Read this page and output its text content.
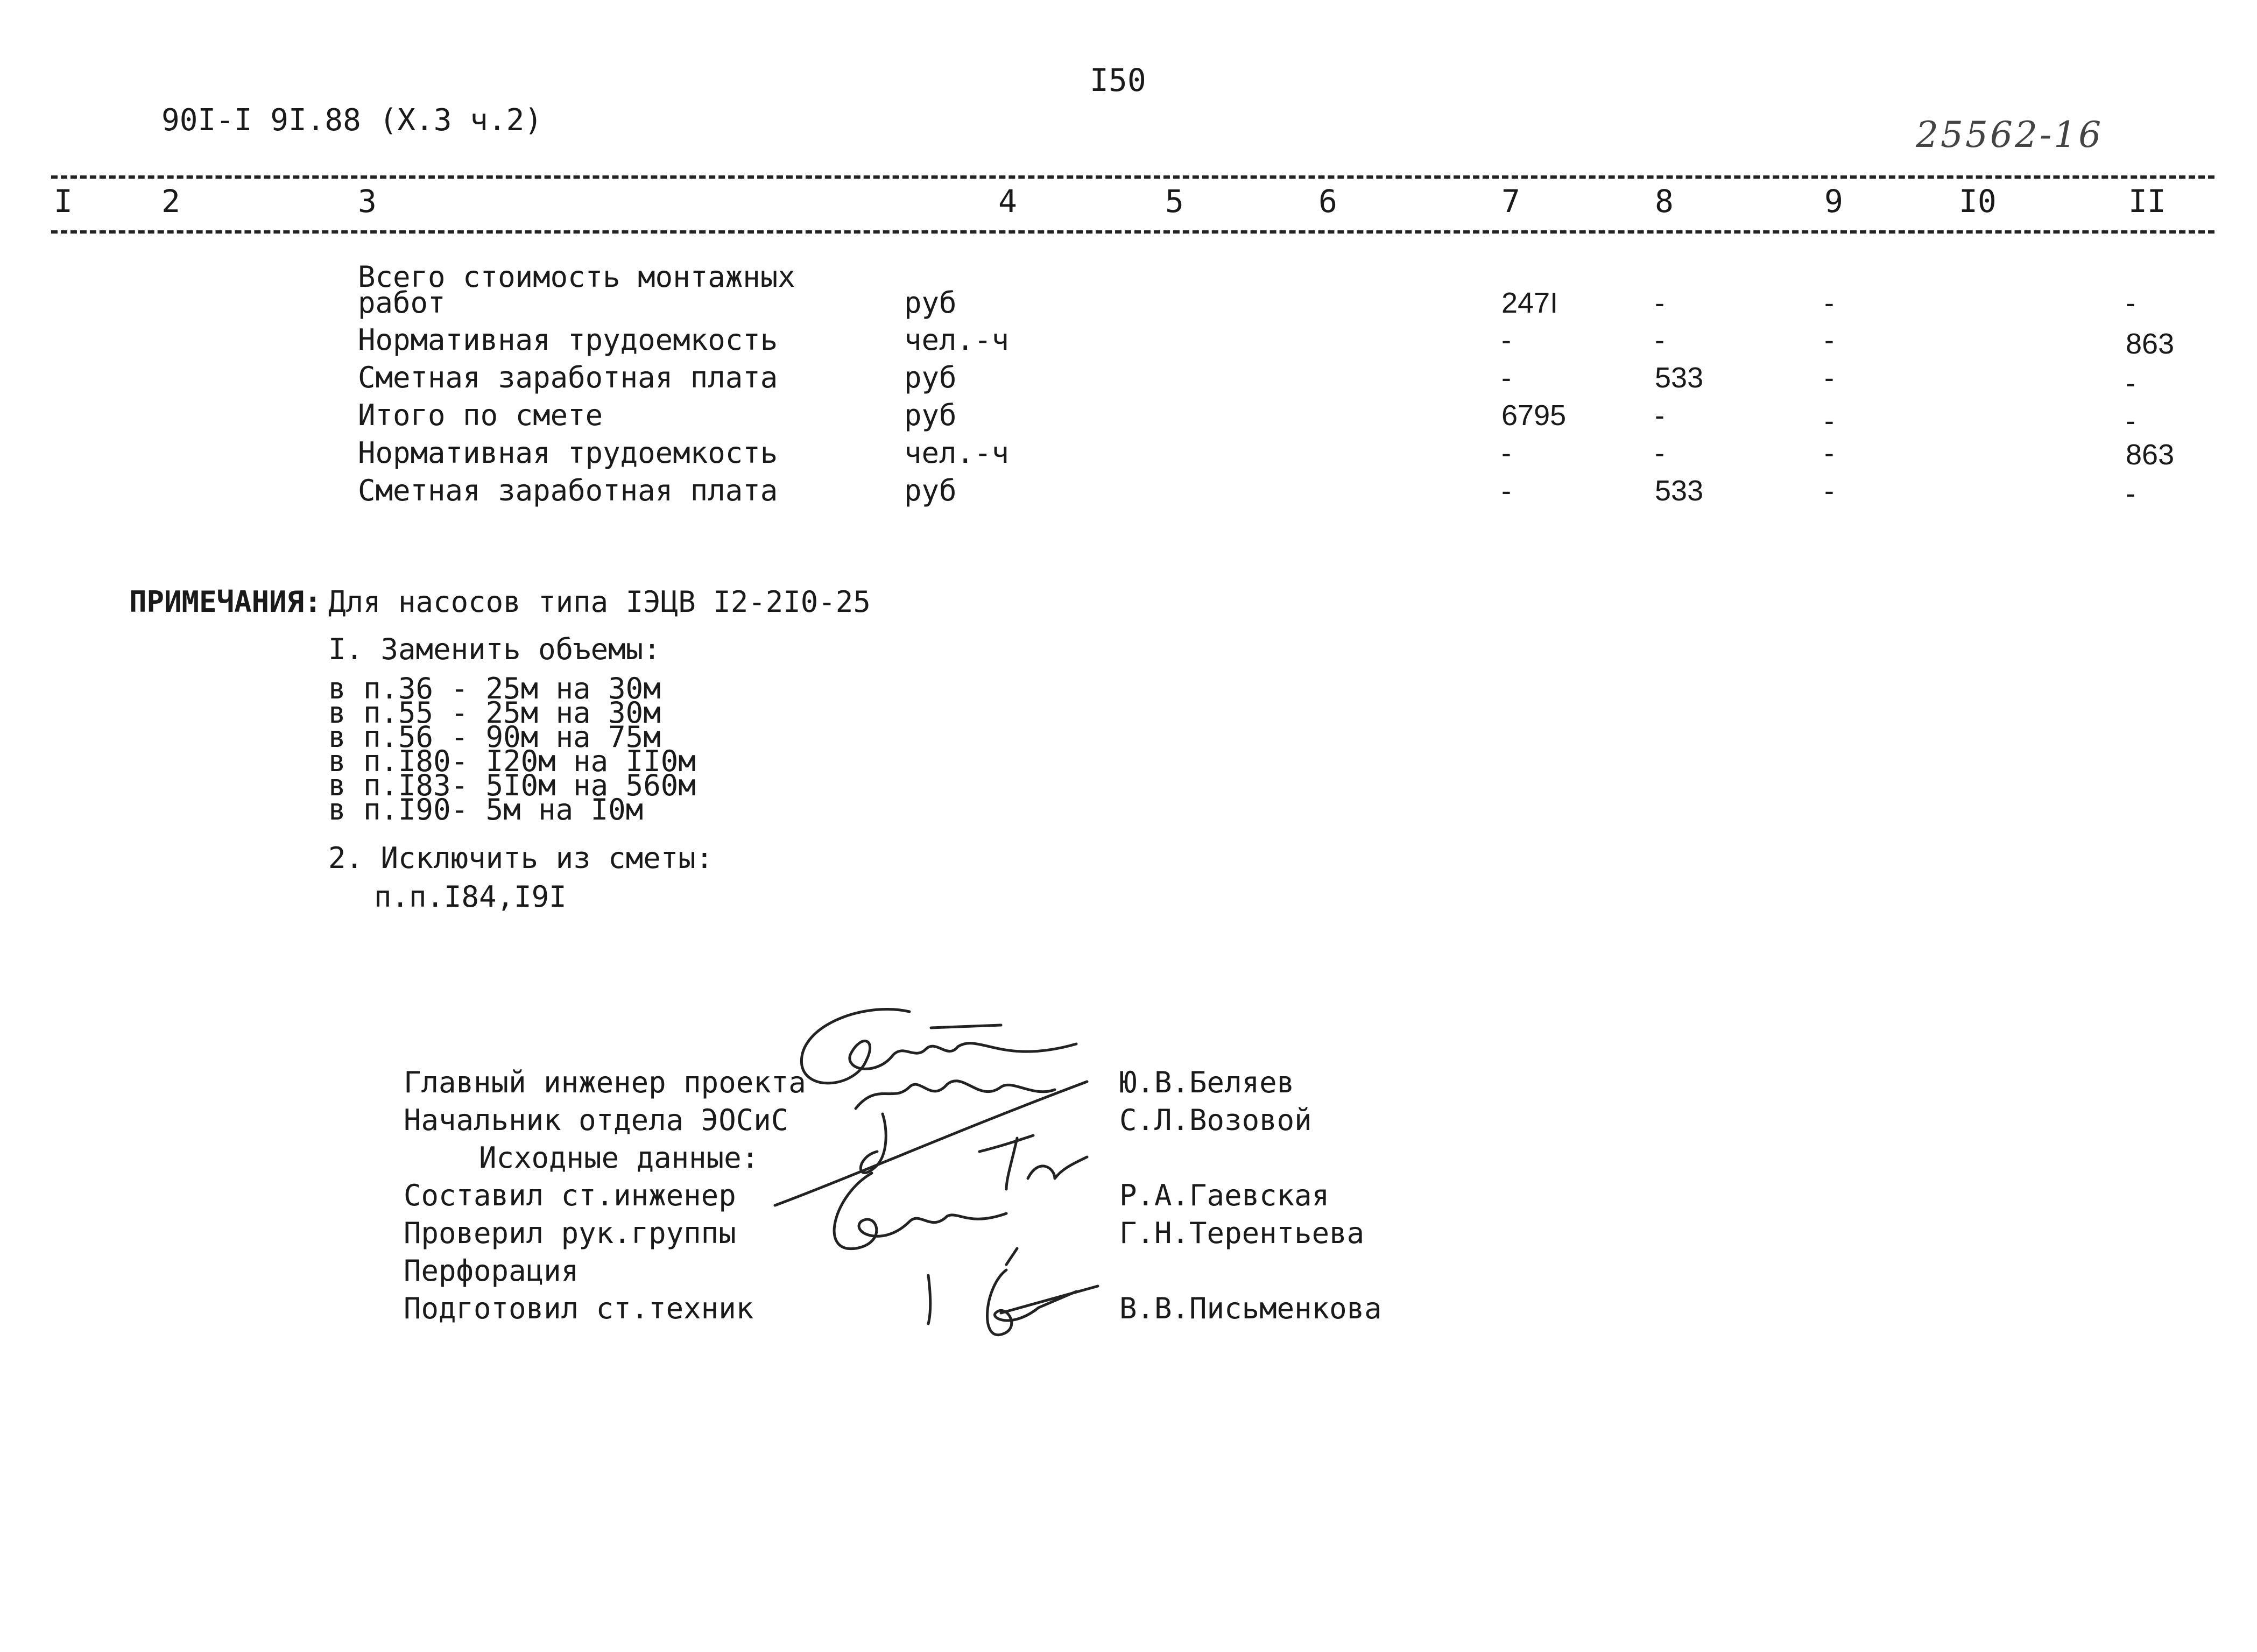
I50
90I-I 9I.88 (X.3 ч.2)	25562-16
I	2	3	4	5	6	7	8	9	I0	II
Всего стоимость монтажных
работ	руб	247I	-	-	-
Нормативная трудоемкость	чел.-ч	-	-	-	863
Сметная заработная плата	руб	-	533	-	-
Итого по смете	руб	6795	-	-	-
Нормативная трудоемкость	чел.-ч	-	-	-	863
Сметная заработная плата	руб	-	533	-	-
ПРИМЕЧАНИЯ: Для насосов типа IЭЦВ I2-2I0-25
I. Заменить объемы:
в п.36 - 25м на 30м
в п.55 - 25м на 30м
в п.56 - 90м на 75м
в п.I80- I20м на II0м
в п.I83- 5I0м на 560м
в п.I90- 5м на I0м
2. Исключить из сметы:
п.п.I84,I9I
Главный инженер проекта
Начальник отдела ЭОСиС
Исходные данные:
Составил ст.инженер
Проверил рук.группы
Перфорация
Подготовил ст.техник
Ю.В.Беляев
С.Л.Возовой
Р.А.Гаевская
Г.Н.Терентьева
В.В.Письменкова
